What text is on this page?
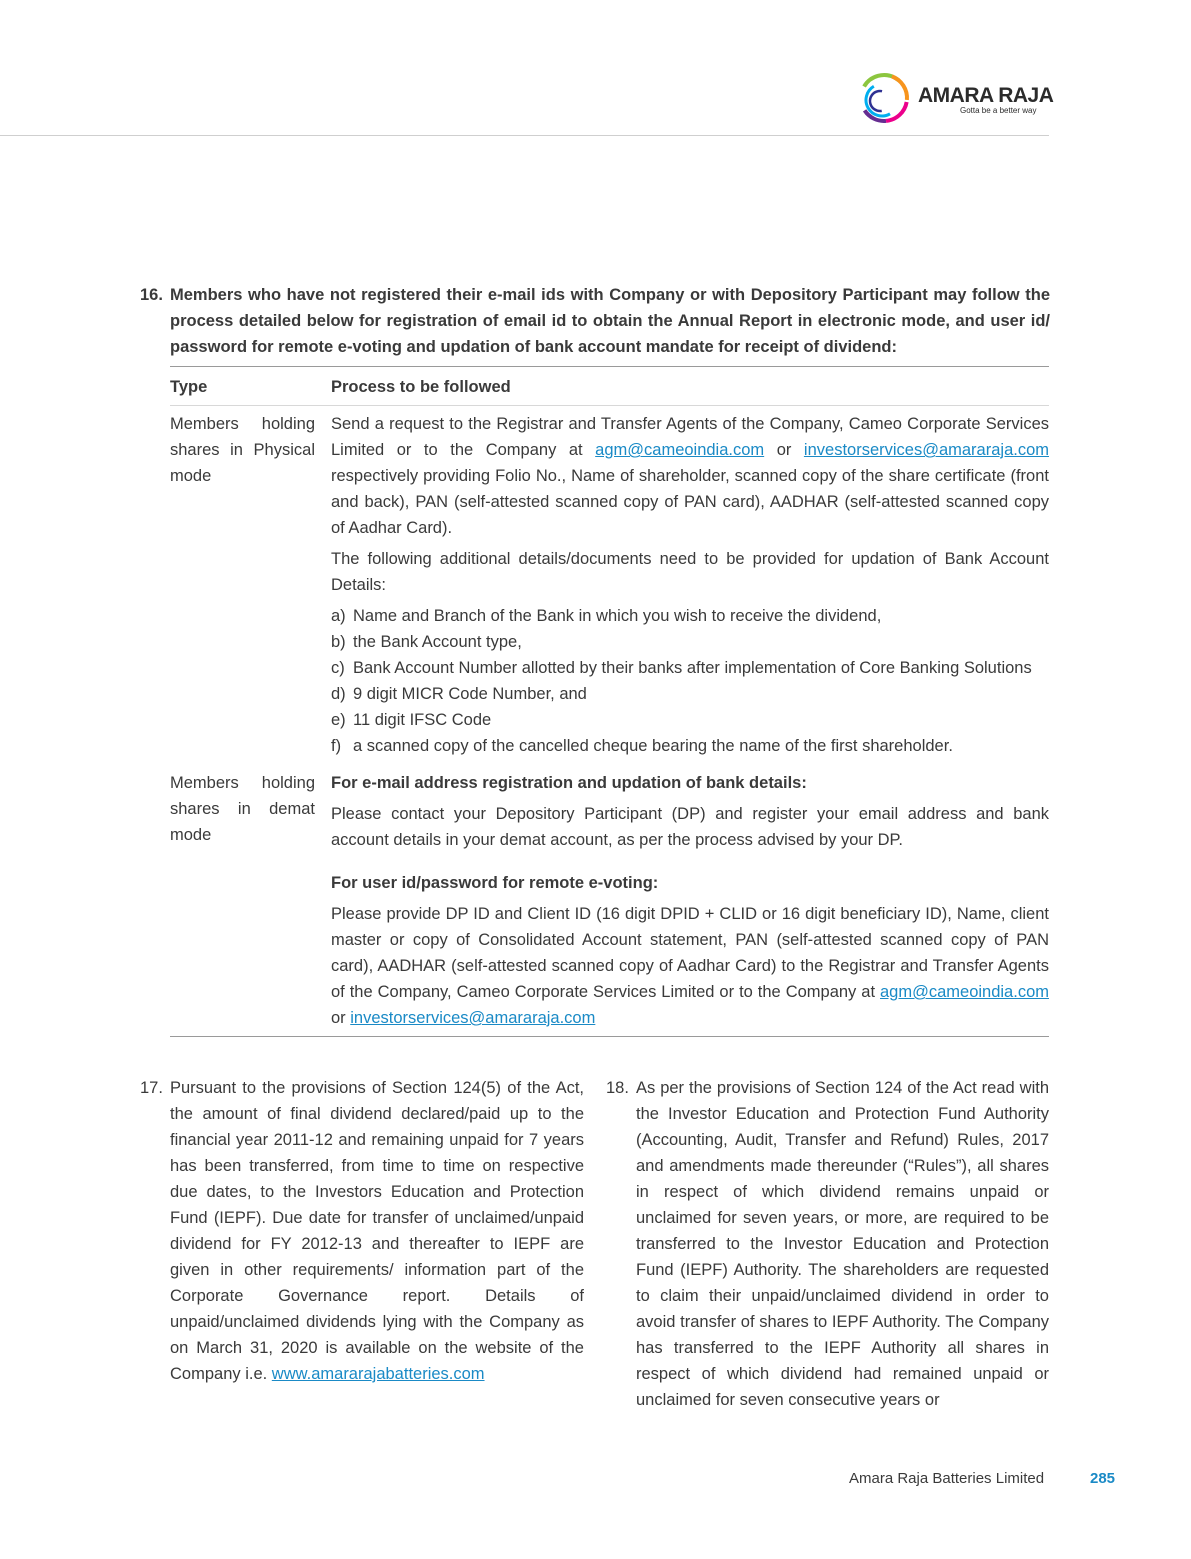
AMARA RAJA
Gotta be a better way
16. Members who have not registered their e-mail ids with Company or with Depository Participant may follow the process detailed below for registration of email id to obtain the Annual Report in electronic mode, and user id/ password for remote e-voting and updation of bank account mandate for receipt of dividend:
Type	Process to be followed
Members holding shares in Physical mode

Send a request to the Registrar and Transfer Agents of the Company, Cameo Corporate Services Limited or to the Company at agm@cameoindia.com or investorservices@amararaja.com respectively providing Folio No., Name of shareholder, scanned copy of the share certificate (front and back), PAN (self-attested scanned copy of PAN card), AADHAR (self-attested scanned copy of Aadhar Card).

The following additional details/documents need to be provided for updation of Bank Account Details:

a) Name and Branch of the Bank in which you wish to receive the dividend,
b) the Bank Account type,
c) Bank Account Number allotted by their banks after implementation of Core Banking Solutions
d) 9 digit MICR Code Number, and
e) 11 digit IFSC Code
f) a scanned copy of the cancelled cheque bearing the name of the first shareholder.
Members holding shares in demat mode

For e-mail address registration and updation of bank details:

Please contact your Depository Participant (DP) and register your email address and bank account details in your demat account, as per the process advised by your DP.

For user id/password for remote e-voting:

Please provide DP ID and Client ID (16 digit DPID + CLID or 16 digit beneficiary ID), Name, client master or copy of Consolidated Account statement, PAN (self-attested scanned copy of PAN card), AADHAR (self-attested scanned copy of Aadhar Card) to the Registrar and Transfer Agents of the Company, Cameo Corporate Services Limited or to the Company at agm@cameoindia.com or investorservices@amararaja.com

17. Pursuant to the provisions of Section 124(5) of the Act, the amount of final dividend declared/paid up to the financial year 2011-12 and remaining unpaid for 7 years has been transferred, from time to time on respective due dates, to the Investors Education and Protection Fund (IEPF). Due date for transfer of unclaimed/unpaid dividend for FY 2012-13 and thereafter to IEPF are given in other requirements/ information part of the Corporate Governance report. Details of unpaid/unclaimed dividends lying with the Company as on March 31, 2020 is available on the website of the Company i.e. www.amararajabatteries.com
18. As per the provisions of Section 124 of the Act read with the Investor Education and Protection Fund Authority (Accounting, Audit, Transfer and Refund) Rules, 2017 and amendments made thereunder (“Rules”), all shares in respect of which dividend remains unpaid or unclaimed for seven years, or more, are required to be transferred to the Investor Education and Protection Fund (IEPF) Authority. The shareholders are requested to claim their unpaid/unclaimed dividend in order to avoid transfer of shares to IEPF Authority. The Company has transferred to the IEPF Authority all shares in respect of which dividend had remained unpaid or unclaimed for seven consecutive years or
Amara Raja Batteries Limited	285
